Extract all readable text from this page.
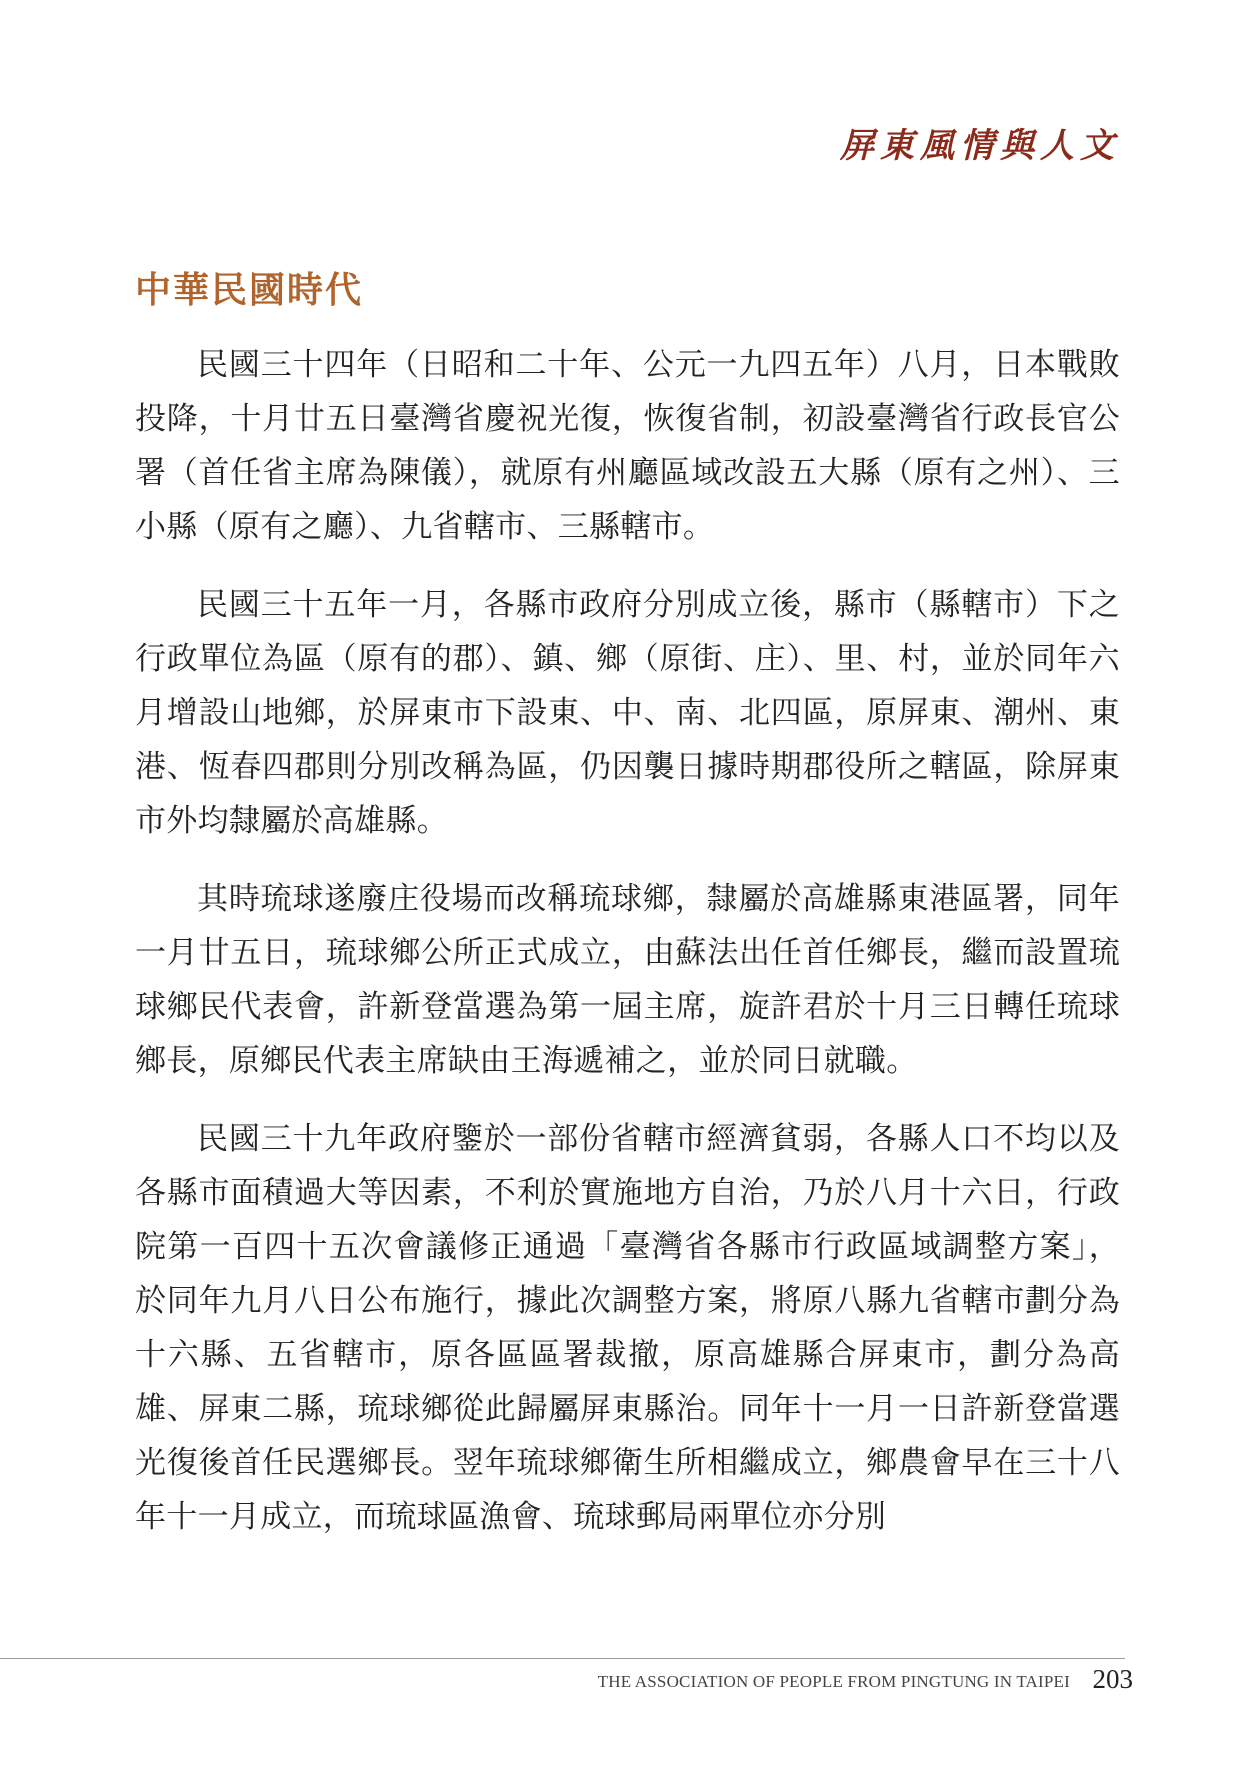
屏東風情與人文
中華民國時代

民國三十四年（日昭和二十年、公元一九四五年）八月，日本戰敗投降，十月廿五日臺灣省慶祝光復，恢復省制，初設臺灣省行政長官公署（首任省主席為陳儀），就原有州廳區域改設五大縣（原有之州）、三小縣（原有之廳）、九省轄市、三縣轄市。

民國三十五年一月，各縣市政府分別成立後，縣市（縣轄市）下之行政單位為區（原有的郡）、鎮、鄉（原街、庄）、里、村，並於同年六月增設山地鄉，於屏東市下設東、中、南、北四區，原屏東、潮州、東港、恆春四郡則分別改稱為區，仍因襲日據時期郡役所之轄區，除屏東市外均隸屬於高雄縣。

其時琉球遂廢庄役場而改稱琉球鄉，隸屬於高雄縣東港區署，同年一月廿五日，琉球鄉公所正式成立，由蘇法出任首任鄉長，繼而設置琉球鄉民代表會，許新登當選為第一屆主席，旋許君於十月三日轉任琉球鄉長，原鄉民代表主席缺由王海遞補之，並於同日就職。

民國三十九年政府鑒於一部份省轄市經濟貧弱，各縣人口不均以及各縣市面積過大等因素，不利於實施地方自治，乃於八月十六日，行政院第一百四十五次會議修正通過「臺灣省各縣市行政區域調整方案」，於同年九月八日公布施行，據此次調整方案，將原八縣九省轄市劃分為十六縣、五省轄市，原各區區署裁撤，原高雄縣合屏東市，劃分為高雄、屏東二縣，琉球鄉從此歸屬屏東縣治。同年十一月一日許新登當選光復後首任民選鄉長。翌年琉球鄉衛生所相繼成立，鄉農會早在三十八年十一月成立，而琉球區漁會、琉球郵局兩單位亦分別

THE ASSOCIATION OF PEOPLE FROM PINGTUNG IN TAIPEI 203
